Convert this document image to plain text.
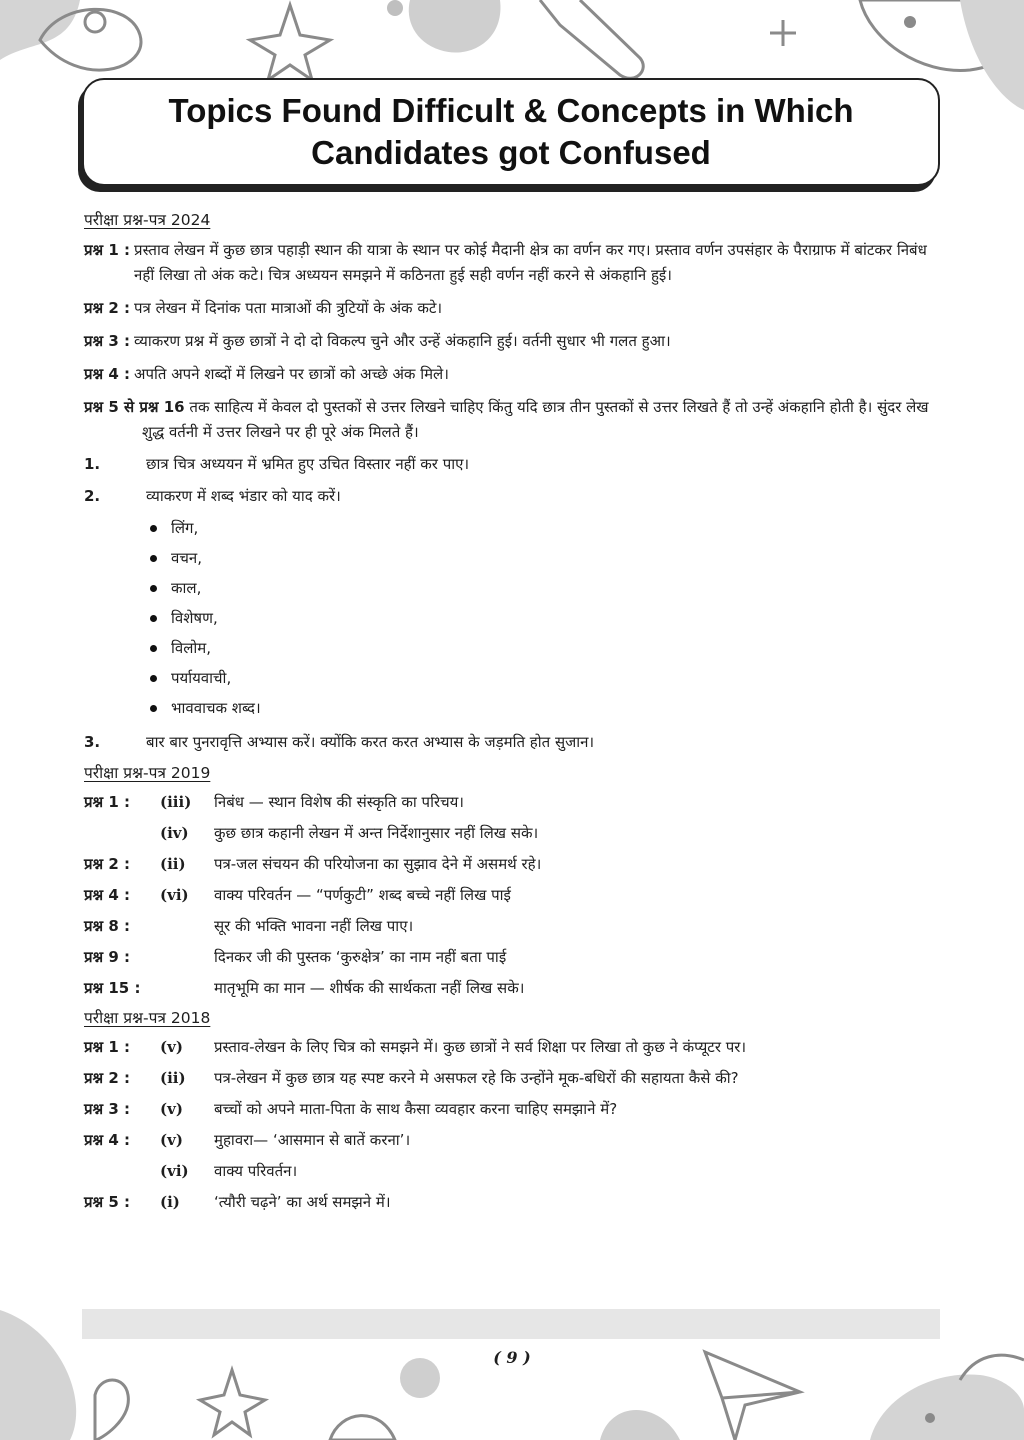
Topics Found Difficult & Concepts in Which
Candidates got Confused
परीक्षा प्रश्न-पत्र 2024
प्रश्न 1 : प्रस्ताव लेखन में कुछ छात्र पहाड़ी स्थान की यात्रा के स्थान पर कोई मैदानी क्षेत्र का वर्णन कर गए। प्रस्ताव वर्णन उपसंहार के पैराग्राफ में बांटकर निबंध नहीं लिखा तो अंक कटे। चित्र अध्ययन समझने में कठिनता हुई सही वर्णन नहीं करने से अंकहानि हुई।
प्रश्न 2 : पत्र लेखन में दिनांक पता मात्राओं की त्रुटियों के अंक कटे।
प्रश्न 3 : व्याकरण प्रश्न में कुछ छात्रों ने दो दो विकल्प चुने और उन्हें अंकहानि हुई। वर्तनी सुधार भी गलत हुआ।
प्रश्न 4 : अपति अपने शब्दों में लिखने पर छात्रों को अच्छे अंक मिले।
प्रश्न 5 से प्रश्न 16 तक साहित्य में केवल दो पुस्तकों से उत्तर लिखने चाहिए किंतु यदि छात्र तीन पुस्तकों से उत्तर लिखते हैं तो उन्हें अंकहानि होती है। सुंदर लेख शुद्ध वर्तनी में उत्तर लिखने पर ही पूरे अंक मिलते हैं।
1.	छात्र चित्र अध्ययन में भ्रमित हुए उचित विस्तार नहीं कर पाए।
2.	व्याकरण में शब्द भंडार को याद करें।
लिंग,
वचन,
काल,
विशेषण,
विलोम,
पर्यायवाची,
भाववाचक शब्द।
3.	बार बार पुनरावृत्ति अभ्यास करें। क्योंकि करत करत अभ्यास के जड़मति होत सुजान।
परीक्षा प्रश्न-पत्र 2019
प्रश्न 1 :	(iii)	निबंध — स्थान विशेष की संस्कृति का परिचय।
(iv)	कुछ छात्र कहानी लेखन में अन्त निर्देशानुसार नहीं लिख सके।
प्रश्न 2 :	(ii)	पत्र-जल संचयन की परियोजना का सुझाव देने में असमर्थ रहे।
प्रश्न 4 :	(vi)	वाक्य परिवर्तन — “पर्णकुटी” शब्द बच्चे नहीं लिख पाई
प्रश्न 8 :	सूर की भक्ति भावना नहीं लिख पाए।
प्रश्न 9 :	दिनकर जी की पुस्तक ‘कुरुक्षेत्र’ का नाम नहीं बता पाई
प्रश्न 15 :	मातृभूमि का मान — शीर्षक की सार्थकता नहीं लिख सके।
परीक्षा प्रश्न-पत्र 2018
प्रश्न 1 :	(v)	प्रस्ताव-लेखन के लिए चित्र को समझने में। कुछ छात्रों ने सर्व शिक्षा पर लिखा तो कुछ ने कंप्यूटर पर।
प्रश्न 2 :	(ii)	पत्र-लेखन में कुछ छात्र यह स्पष्ट करने मे असफल रहे कि उन्होंने मूक-बधिरों की सहायता कैसे की?
प्रश्न 3 :	(v)	बच्चों को अपने माता-पिता के साथ कैसा व्यवहार करना चाहिए समझाने में?
प्रश्न 4 :	(v)	मुहावरा— ‘आसमान से बातें करना’।
(vi)	वाक्य परिवर्तन।
प्रश्न 5 :	(i)	‘त्यौरी चढ़ने’ का अर्थ समझने में।
( 9 )
